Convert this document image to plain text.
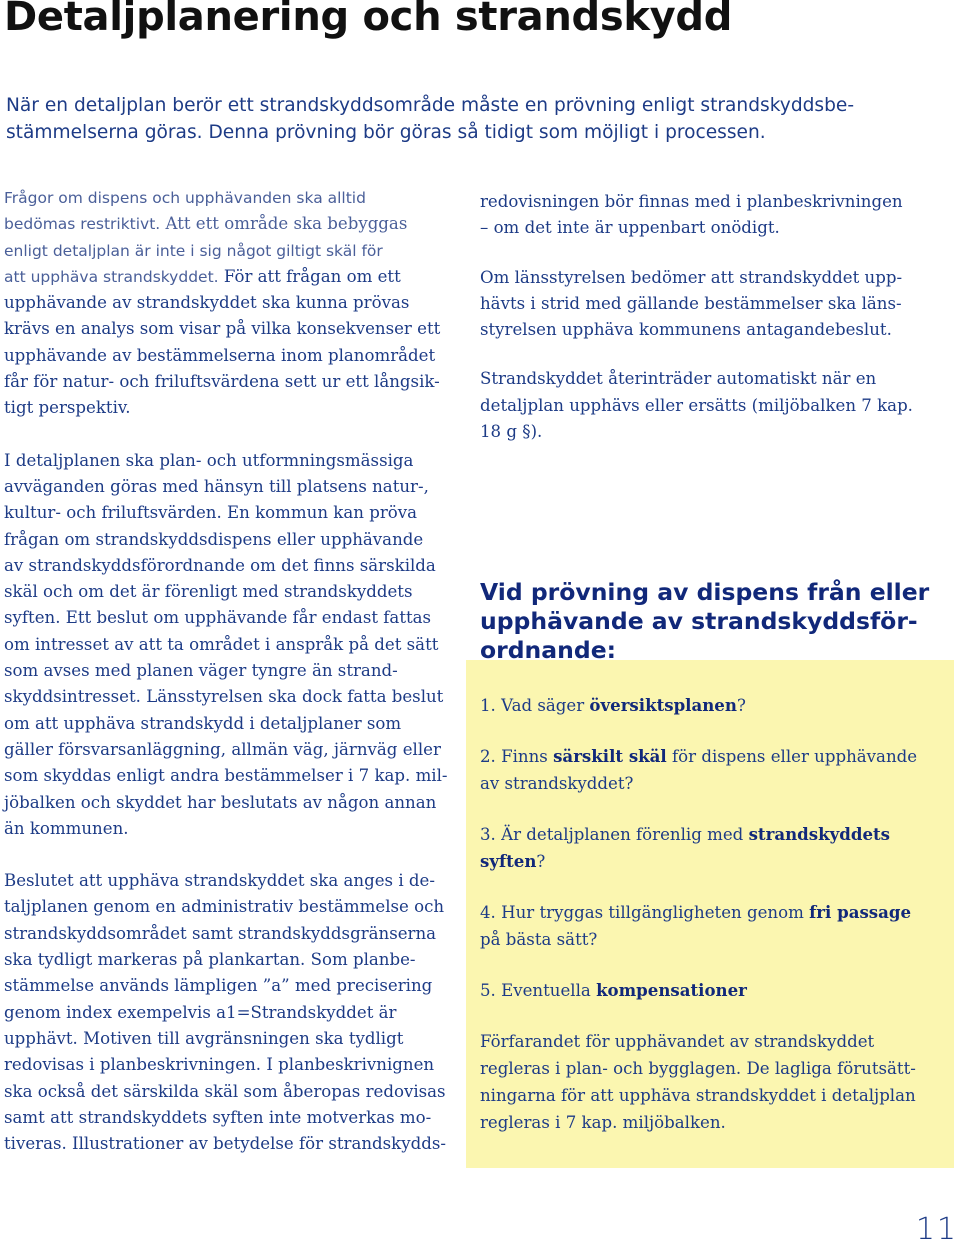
Detaljplanering och strandskydd
När en detaljplan berör ett strandskyddsområde måste en prövning enligt strandskyddsbe-
stämmelserna göras. Denna prövning bör göras så tidigt som möjligt i processen.

Frågor om dispens och upphävanden ska alltid
bedömas restriktivt. Att ett område ska bebyggas
enligt detaljplan är inte i sig något giltigt skäl för
att upphäva strandskyddet. För att frågan om ett
upphävande av strandskyddet ska kunna prövas
krävs en analys som visar på vilka konsekvenser ett
upphävande av bestämmelserna inom planområdet
får för natur- och friluftsvärdena sett ur ett långsik-
tigt perspektiv.

I detaljplanen ska plan- och utformningsmässiga
avväganden göras med hänsyn till platsens natur-,
kultur- och friluftsvärden. En kommun kan pröva
frågan om strandskyddsdispens eller upphävande
av strandskyddsförordnande om det finns särskilda
skäl och om det är förenligt med strandskyddets
syften. Ett beslut om upphävande får endast fattas
om intresset av att ta området i anspråk på det sätt
som avses med planen väger tyngre än strand-
skyddsintresset. Länsstyrelsen ska dock fatta beslut
om att upphäva strandskydd i detaljplaner som
gäller försvarsanläggning, allmän väg, järnväg eller
som skyddas enligt andra bestämmelser i 7 kap. mil-
jöbalken och skyddet har beslutats av någon annan
än kommunen.

Beslutet att upphäva strandskyddet ska anges i de-
taljplanen genom en administrativ bestämmelse och
strandskyddsområdet samt strandskyddsgränserna
ska tydligt markeras på plankartan. Som planbe-
stämmelse används lämpligen ”a” med precisering
genom index exempelvis a1=Strandskyddet är
upphävt. Motiven till avgränsningen ska tydligt
redovisas i planbeskrivningen. I planbeskrivnignen
ska också det särskilda skäl som åberopas redovisas
samt att strandskyddets syften inte motverkas mo-
tiveras. Illustrationer av betydelse för strandskydds-

redovisningen bör finnas med i planbeskrivningen
– om det inte är uppenbart onödigt.

Om länsstyrelsen bedömer att strandskyddet upp-
hävts i strid med gällande bestämmelser ska läns-
styrelsen upphäva kommunens antagandebeslut.

Strandskyddet återinträder automatiskt när en
detaljplan upphävs eller ersätts (miljöbalken 7 kap.
18 g §).

Vid prövning av dispens från eller
upphävande av strandskyddsför-
ordnande:

1. Vad säger översiktsplanen?

2. Finns särskilt skäl för dispens eller upphävande
av strandskyddet?

3. Är detaljplanen förenlig med strandskyddets
syften?

4. Hur tryggas tillgängligheten genom fri passage
på bästa sätt?

5. Eventuella kompensationer

Förfarandet för upphävandet av strandskyddet
regleras i plan- och bygglagen. De lagliga förutsätt-
ningarna för att upphäva strandskyddet i detaljplan
regleras i 7 kap. miljöbalken.

11
